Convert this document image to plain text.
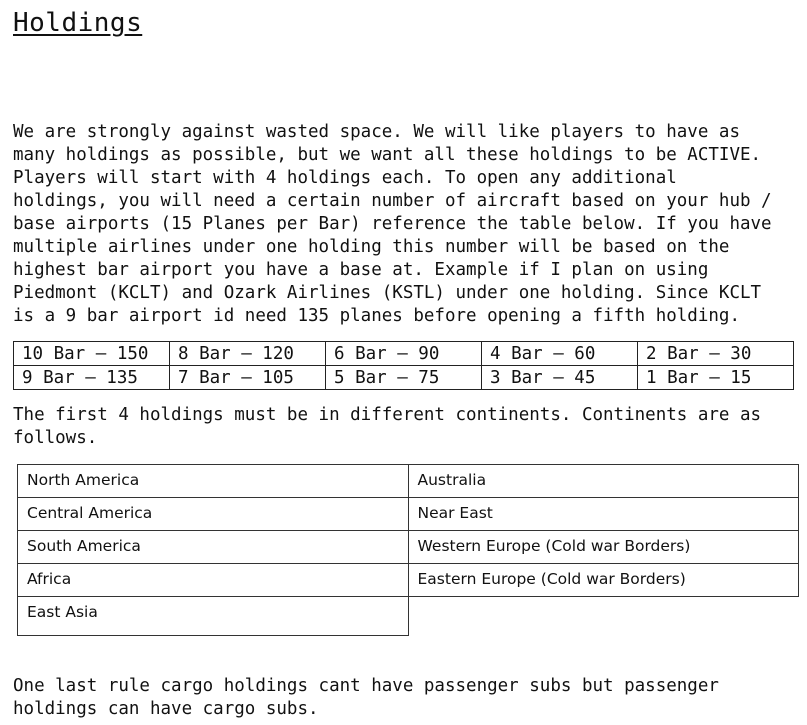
Holdings

We are strongly against wasted space. We will like players to have as
many holdings as possible, but we want all these holdings to be ACTIVE.
Players will start with 4 holdings each. To open any additional
holdings, you will need a certain number of aircraft based on your hub /
base airports (15 Planes per Bar) reference the table below. If you have
multiple airlines under one holding this number will be based on the
highest bar airport you have a base at. Example if I plan on using
Piedmont (KCLT) and Ozark Airlines (KSTL) under one holding. Since KCLT
is a 9 bar airport id need 135 planes before opening a fifth holding.

10 Bar – 150	8 Bar – 120	6 Bar – 90	4 Bar – 60	2 Bar – 30
9 Bar – 135	7 Bar – 105	5 Bar – 75	3 Bar – 45	1 Bar – 15

The first 4 holdings must be in different continents. Continents are as
follows.

North America	Australia
Central America	Near East
South America	Western Europe (Cold war Borders)
Africa	Eastern Europe (Cold war Borders)
East Asia	

One last rule cargo holdings cant have passenger subs but passenger
holdings can have cargo subs.
